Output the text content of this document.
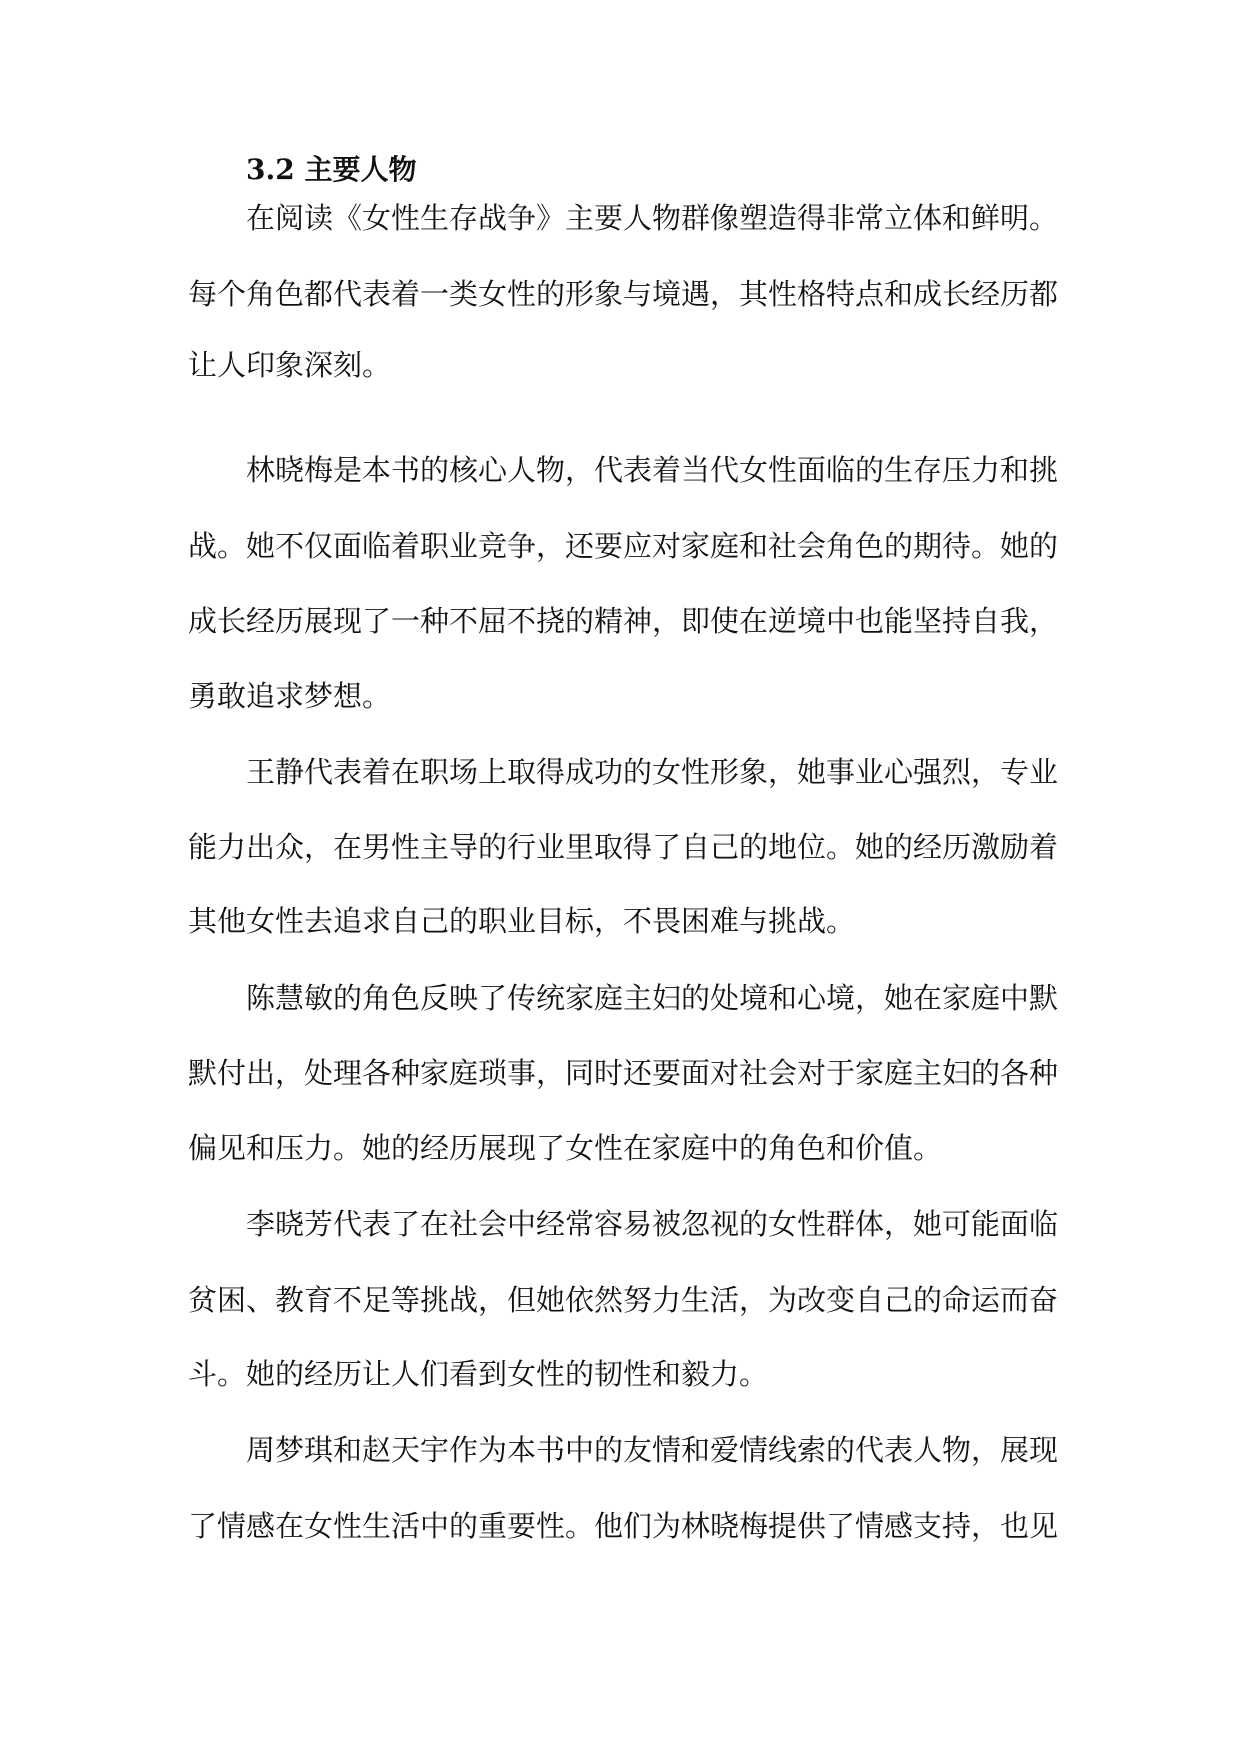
3.2 主要人物
在阅读《女性生存战争》主要人物群像塑造得非常立体和鲜明。
每个角色都代表着一类女性的形象与境遇，其性格特点和成长经历都
让人印象深刻。
林晓梅是本书的核心人物，代表着当代女性面临的生存压力和挑
战。她不仅面临着职业竞争，还要应对家庭和社会角色的期待。她的
成长经历展现了一种不屈不挠的精神，即使在逆境中也能坚持自我，
勇敢追求梦想。
王静代表着在职场上取得成功的女性形象，她事业心强烈，专业
能力出众，在男性主导的行业里取得了自己的地位。她的经历激励着
其他女性去追求自己的职业目标，不畏困难与挑战。
陈慧敏的角色反映了传统家庭主妇的处境和心境，她在家庭中默
默付出，处理各种家庭琐事，同时还要面对社会对于家庭主妇的各种
偏见和压力。她的经历展现了女性在家庭中的角色和价值。
李晓芳代表了在社会中经常容易被忽视的女性群体，她可能面临
贫困、教育不足等挑战，但她依然努力生活，为改变自己的命运而奋
斗。她的经历让人们看到女性的韧性和毅力。
周梦琪和赵天宇作为本书中的友情和爱情线索的代表人物，展现
了情感在女性生活中的重要性。他们为林晓梅提供了情感支持，也见
